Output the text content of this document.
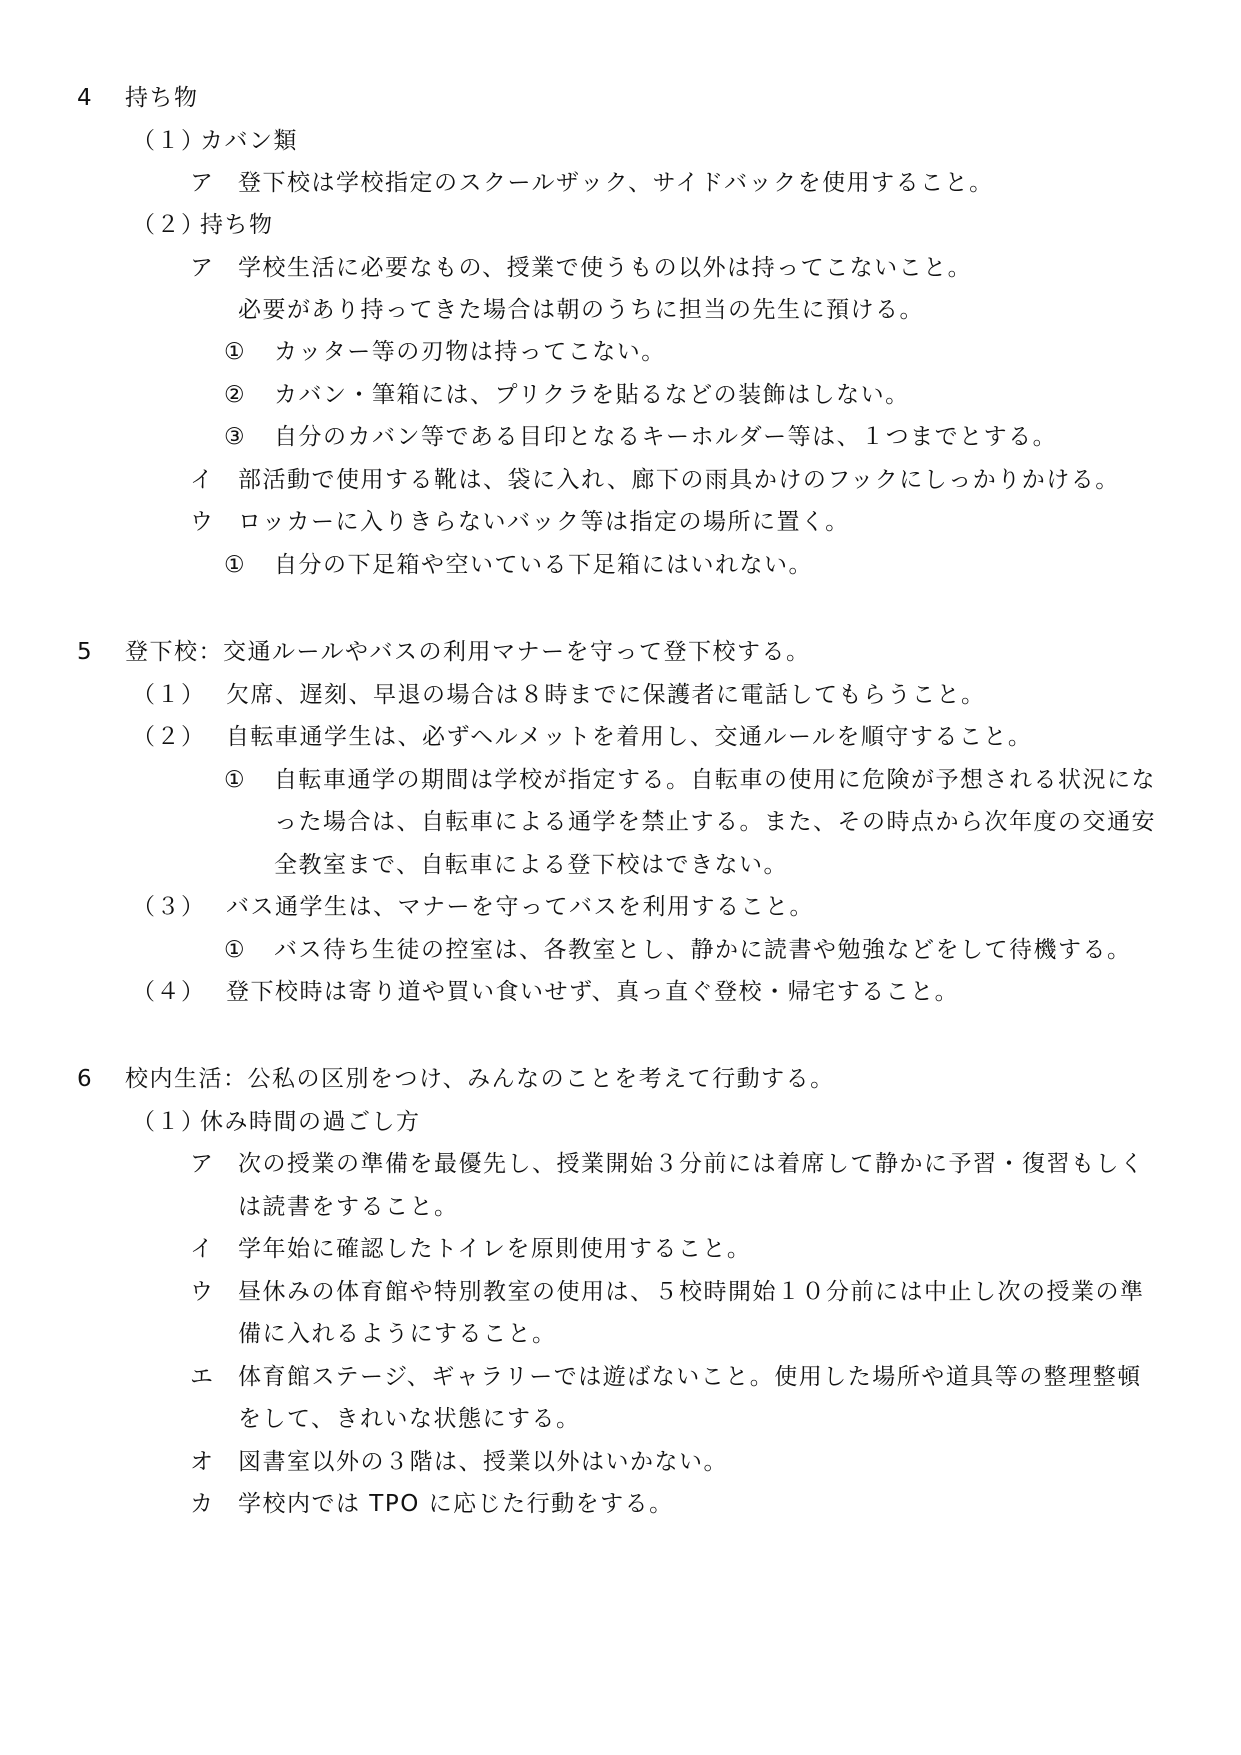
4 持ち物
（１）
カバン類
ア 登下校は学校指定のスクールザック、サイドバックを使用すること。
（２）
持ち物
ア 学校生活に必要なもの、授業で使うもの以外は持ってこないこと。
必要があり持ってきた場合は朝のうちに担当の先生に預ける。
① カッター等の刃物は持ってこない。
② カバン・筆箱には、プリクラを貼るなどの装飾はしない。
③ 自分のカバン等である目印となるキーホルダー等は、１つまでとする。
イ 部活動で使用する靴は、袋に入れ、廊下の雨具かけのフックにしっかりかける。
ウ ロッカーに入りきらないバック等は指定の場所に置く。
① 自分の下足箱や空いている下足箱にはいれない。
5 登下校：交通ルールやバスの利用マナーを守って登下校する。
（１） 欠席、遅刻、早退の場合は８時までに保護者に電話してもらうこと。
（２） 自転車通学生は、必ずヘルメットを着用し、交通ルールを順守すること。
① 自転車通学の期間は学校が指定する。自転車の使用に危険が予想される状況にな
った場合は、自転車による通学を禁止する。また、その時点から次年度の交通安
全教室まで、自転車による登下校はできない。
（３） バス通学生は、マナーを守ってバスを利用すること。
① バス待ち生徒の控室は、各教室とし、静かに読書や勉強などをして待機する。
（４） 登下校時は寄り道や買い食いせず、真っ直ぐ登校・帰宅すること。
6 校内生活：公私の区別をつけ、みんなのことを考えて行動する。
（１）
休み時間の過ごし方
ア 次の授業の準備を最優先し、授業開始３分前には着席して静かに予習・復習もしく
は読書をすること。
イ 学年始に確認したトイレを原則使用すること。
ウ 昼休みの体育館や特別教室の使用は、５校時開始１０分前には中止し次の授業の準
備に入れるようにすること。
エ 体育館ステージ、ギャラリーでは遊ばないこと。使用した場所や道具等の整理整頓
をして、きれいな状態にする。
オ 図書室以外の３階は、授業以外はいかない。
カ 学校内では TPO に応じた行動をする。
